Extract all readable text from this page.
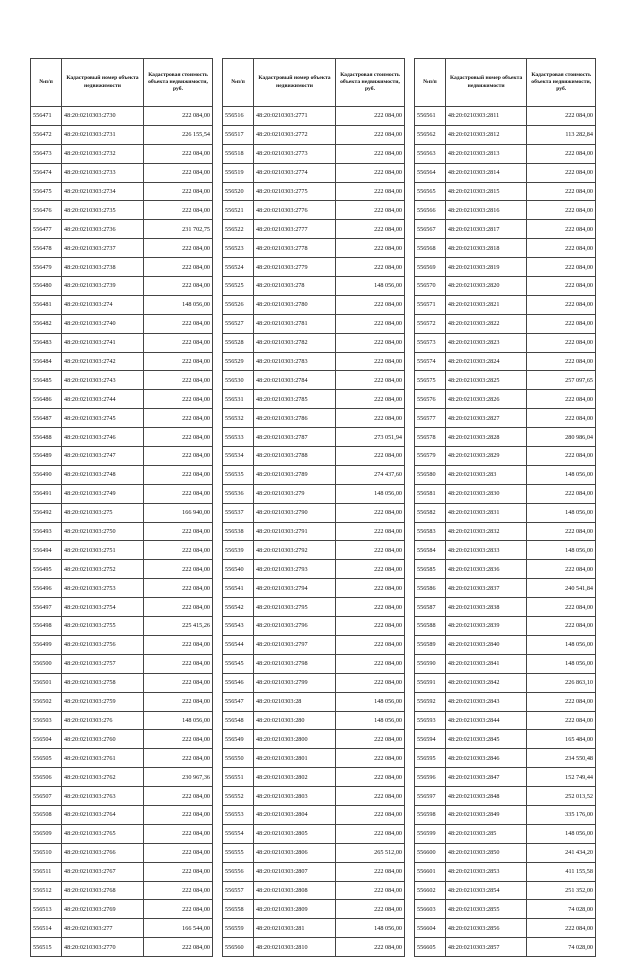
№п/п	Кадастровый номер объекта недвижимости	Кадастровая стоимость объекта недвижимости, руб.
556471	48:20:0210303:2730	222 084,00
556472	48:20:0210303:2731	226 155,54
556473	48:20:0210303:2732	222 084,00
556474	48:20:0210303:2733	222 084,00
556475	48:20:0210303:2734	222 084,00
556476	48:20:0210303:2735	222 084,00
556477	48:20:0210303:2736	231 702,75
556478	48:20:0210303:2737	222 084,00
556479	48:20:0210303:2738	222 084,00
556480	48:20:0210303:2739	222 084,00
556481	48:20:0210303:274	148 056,00
556482	48:20:0210303:2740	222 084,00
556483	48:20:0210303:2741	222 084,00
556484	48:20:0210303:2742	222 084,00
556485	48:20:0210303:2743	222 084,00
556486	48:20:0210303:2744	222 084,00
556487	48:20:0210303:2745	222 084,00
556488	48:20:0210303:2746	222 084,00
556489	48:20:0210303:2747	222 084,00
556490	48:20:0210303:2748	222 084,00
556491	48:20:0210303:2749	222 084,00
556492	48:20:0210303:275	166 940,00
556493	48:20:0210303:2750	222 084,00
556494	48:20:0210303:2751	222 084,00
556495	48:20:0210303:2752	222 084,00
556496	48:20:0210303:2753	222 084,00
556497	48:20:0210303:2754	222 084,00
556498	48:20:0210303:2755	225 415,26
556499	48:20:0210303:2756	222 084,00
556500	48:20:0210303:2757	222 084,00
556501	48:20:0210303:2758	222 084,00
556502	48:20:0210303:2759	222 084,00
556503	48:20:0210303:276	148 056,00
556504	48:20:0210303:2760	222 084,00
556505	48:20:0210303:2761	222 084,00
556506	48:20:0210303:2762	230 967,36
556507	48:20:0210303:2763	222 084,00
556508	48:20:0210303:2764	222 084,00
556509	48:20:0210303:2765	222 084,00
556510	48:20:0210303:2766	222 084,00
556511	48:20:0210303:2767	222 084,00
556512	48:20:0210303:2768	222 084,00
556513	48:20:0210303:2769	222 084,00
556514	48:20:0210303:277	166 544,00
556515	48:20:0210303:2770	222 084,00
№п/п	Кадастровый номер объекта недвижимости	Кадастровая стоимость объекта недвижимости, руб.
556516	48:20:0210303:2771	222 084,00
556517	48:20:0210303:2772	222 084,00
556518	48:20:0210303:2773	222 084,00
556519	48:20:0210303:2774	222 084,00
556520	48:20:0210303:2775	222 084,00
556521	48:20:0210303:2776	222 084,00
556522	48:20:0210303:2777	222 084,00
556523	48:20:0210303:2778	222 084,00
556524	48:20:0210303:2779	222 084,00
556525	48:20:0210303:278	148 056,00
556526	48:20:0210303:2780	222 084,00
556527	48:20:0210303:2781	222 084,00
556528	48:20:0210303:2782	222 084,00
556529	48:20:0210303:2783	222 084,00
556530	48:20:0210303:2784	222 084,00
556531	48:20:0210303:2785	222 084,00
556532	48:20:0210303:2786	222 084,00
556533	48:20:0210303:2787	273 051,94
556534	48:20:0210303:2788	222 084,00
556535	48:20:0210303:2789	274 437,60
556536	48:20:0210303:279	148 056,00
556537	48:20:0210303:2790	222 084,00
556538	48:20:0210303:2791	222 084,00
556539	48:20:0210303:2792	222 084,00
556540	48:20:0210303:2793	222 084,00
556541	48:20:0210303:2794	222 084,00
556542	48:20:0210303:2795	222 084,00
556543	48:20:0210303:2796	222 084,00
556544	48:20:0210303:2797	222 084,00
556545	48:20:0210303:2798	222 084,00
556546	48:20:0210303:2799	222 084,00
556547	48:20:0210303:28	148 056,00
556548	48:20:0210303:280	148 056,00
556549	48:20:0210303:2800	222 084,00
556550	48:20:0210303:2801	222 084,00
556551	48:20:0210303:2802	222 084,00
556552	48:20:0210303:2803	222 084,00
556553	48:20:0210303:2804	222 084,00
556554	48:20:0210303:2805	222 084,00
556555	48:20:0210303:2806	265 512,00
556556	48:20:0210303:2807	222 084,00
556557	48:20:0210303:2808	222 084,00
556558	48:20:0210303:2809	222 084,00
556559	48:20:0210303:281	148 056,00
556560	48:20:0210303:2810	222 084,00
№п/п	Кадастровый номер объекта недвижимости	Кадастровая стоимость объекта недвижимости, руб.
556561	48:20:0210303:2811	222 084,00
556562	48:20:0210303:2812	113 282,84
556563	48:20:0210303:2813	222 084,00
556564	48:20:0210303:2814	222 084,00
556565	48:20:0210303:2815	222 084,00
556566	48:20:0210303:2816	222 084,00
556567	48:20:0210303:2817	222 084,00
556568	48:20:0210303:2818	222 084,00
556569	48:20:0210303:2819	222 084,00
556570	48:20:0210303:2820	222 084,00
556571	48:20:0210303:2821	222 084,00
556572	48:20:0210303:2822	222 084,00
556573	48:20:0210303:2823	222 084,00
556574	48:20:0210303:2824	222 084,00
556575	48:20:0210303:2825	257 097,65
556576	48:20:0210303:2826	222 084,00
556577	48:20:0210303:2827	222 084,00
556578	48:20:0210303:2828	280 986,04
556579	48:20:0210303:2829	222 084,00
556580	48:20:0210303:283	148 056,00
556581	48:20:0210303:2830	222 084,00
556582	48:20:0210303:2831	148 056,00
556583	48:20:0210303:2832	222 084,00
556584	48:20:0210303:2833	148 056,00
556585	48:20:0210303:2836	222 084,00
556586	48:20:0210303:2837	240 541,84
556587	48:20:0210303:2838	222 084,00
556588	48:20:0210303:2839	222 084,00
556589	48:20:0210303:2840	148 056,00
556590	48:20:0210303:2841	148 056,00
556591	48:20:0210303:2842	226 863,10
556592	48:20:0210303:2843	222 084,00
556593	48:20:0210303:2844	222 084,00
556594	48:20:0210303:2845	165 484,00
556595	48:20:0210303:2846	234 550,48
556596	48:20:0210303:2847	152 749,44
556597	48:20:0210303:2848	252 013,52
556598	48:20:0210303:2849	335 176,00
556599	48:20:0210303:285	148 056,00
556600	48:20:0210303:2850	241 434,20
556601	48:20:0210303:2853	411 155,58
556602	48:20:0210303:2854	251 352,00
556603	48:20:0210303:2855	74 028,00
556604	48:20:0210303:2856	222 084,00
556605	48:20:0210303:2857	74 028,00
